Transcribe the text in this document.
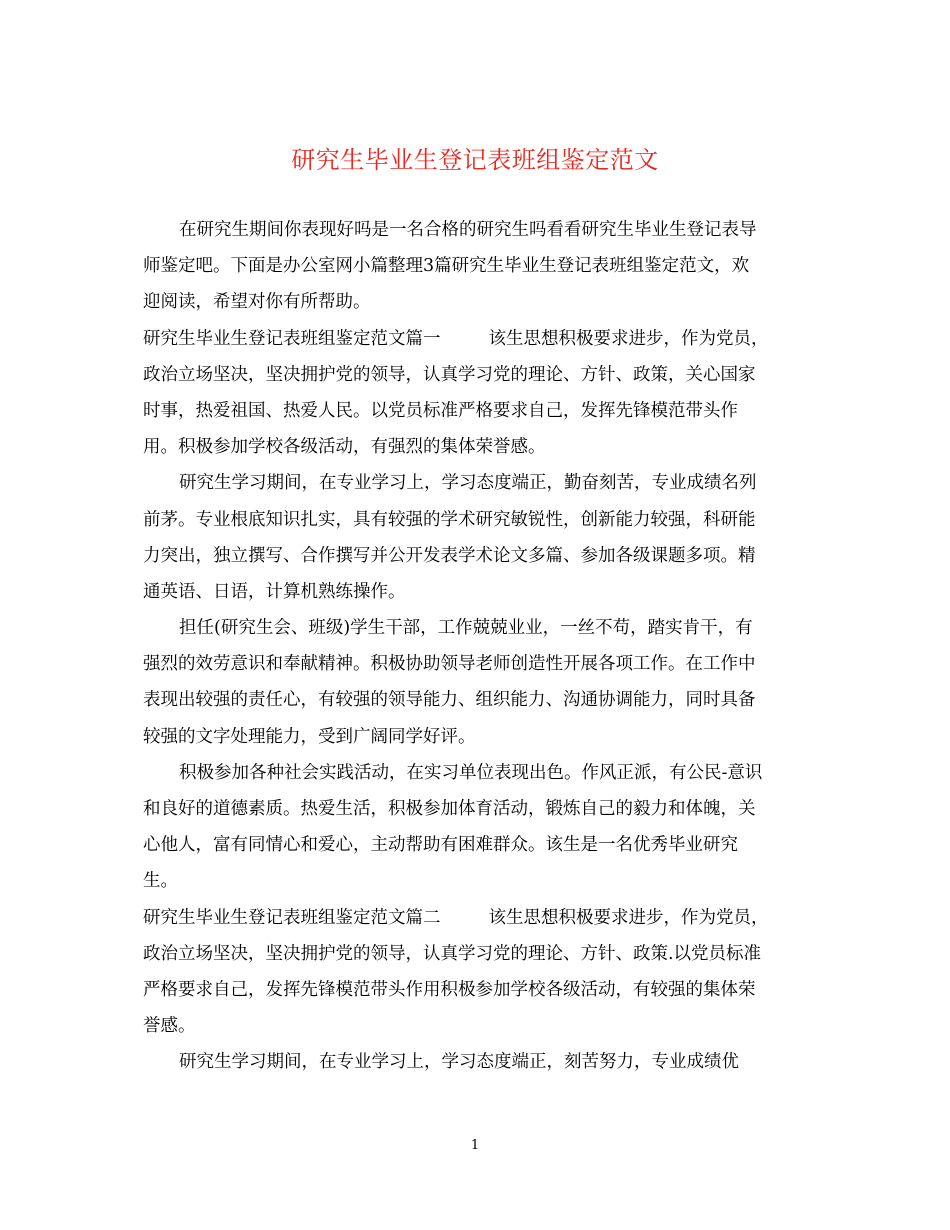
研究生毕业生登记表班组鉴定范文
在研究生期间你表现好吗是一名合格的研究生吗看看研究生毕业生登记表导
师鉴定吧。下面是办公室网小篇整理3篇研究生毕业生登记表班组鉴定范文，欢
迎阅读，希望对你有所帮助。
研究生毕业生登记表班组鉴定范文篇一	该生思想积极要求进步，作为党员，
政治立场坚决，坚决拥护党的领导，认真学习党的理论、方针、政策，关心国家
时事，热爱祖国、热爱人民。以党员标准严格要求自己，发挥先锋模范带头作
用。积极参加学校各级活动，有强烈的集体荣誉感。
研究生学习期间，在专业学习上，学习态度端正，勤奋刻苦，专业成绩名列
前茅。专业根底知识扎实，具有较强的学术研究敏锐性，创新能力较强，科研能
力突出，独立撰写、合作撰写并公开发表学术论文多篇、参加各级课题多项。精
通英语、日语，计算机熟练操作。
担任(研究生会、班级)学生干部，工作兢兢业业，一丝不苟，踏实肯干，有
强烈的效劳意识和奉献精神。积极协助领导老师创造性开展各项工作。在工作中
表现出较强的责任心，有较强的领导能力、组织能力、沟通协调能力，同时具备
较强的文字处理能力，受到广阔同学好评。
积极参加各种社会实践活动，在实习单位表现出色。作风正派，有公民-意识
和良好的道德素质。热爱生活，积极参加体育活动，锻炼自己的毅力和体魄，关
心他人，富有同情心和爱心，主动帮助有困难群众。该生是一名优秀毕业研究
生。
研究生毕业生登记表班组鉴定范文篇二	该生思想积极要求进步，作为党员，
政治立场坚决，坚决拥护党的领导，认真学习党的理论、方针、政策.以党员标准
严格要求自己，发挥先锋模范带头作用积极参加学校各级活动，有较强的集体荣
誉感。
研究生学习期间，在专业学习上，学习态度端正，刻苦努力，专业成绩优
1
